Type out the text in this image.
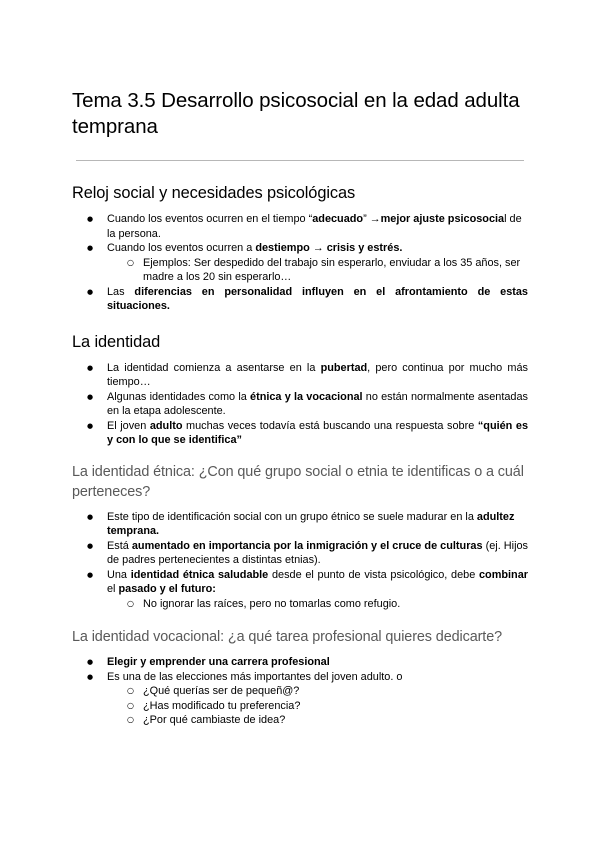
Tema 3.5 Desarrollo psicosocial en la edad adulta temprana
Reloj social y necesidades psicológicas
● Cuando los eventos ocurren en el tiempo “adecuado” →mejor ajuste psicosocial de la persona.
● Cuando los eventos ocurren a destiempo → crisis y estrés.
○ Ejemplos: Ser despedido del trabajo sin esperarlo, enviudar a los 35 años, ser madre a los 20 sin esperarlo…
● Las diferencias en personalidad influyen en el afrontamiento de estas situaciones.
La identidad
● La identidad comienza a asentarse en la pubertad, pero continua por mucho más tiempo…
● Algunas identidades como la étnica y la vocacional no están normalmente asentadas en la etapa adolescente.
● El joven adulto muchas veces todavía está buscando una respuesta sobre “quién es y con lo que se identifica”
La identidad étnica: ¿Con qué grupo social o etnia te identificas o a cuál perteneces?
● Este tipo de identificación social con un grupo étnico se suele madurar en la adultez temprana.
● Está aumentado en importancia por la inmigración y el cruce de culturas (ej. Hijos de padres pertenecientes a distintas etnias).
● Una identidad étnica saludable desde el punto de vista psicológico, debe combinar el pasado y el futuro:
○ No ignorar las raíces, pero no tomarlas como refugio.
La identidad vocacional: ¿a qué tarea profesional quieres dedicarte?
● Elegir y emprender una carrera profesional
● Es una de las elecciones más importantes del joven adulto. o
○ ¿Qué querías ser de pequeñ@?
○ ¿Has modificado tu preferencia?
○ ¿Por qué cambiaste de idea?
